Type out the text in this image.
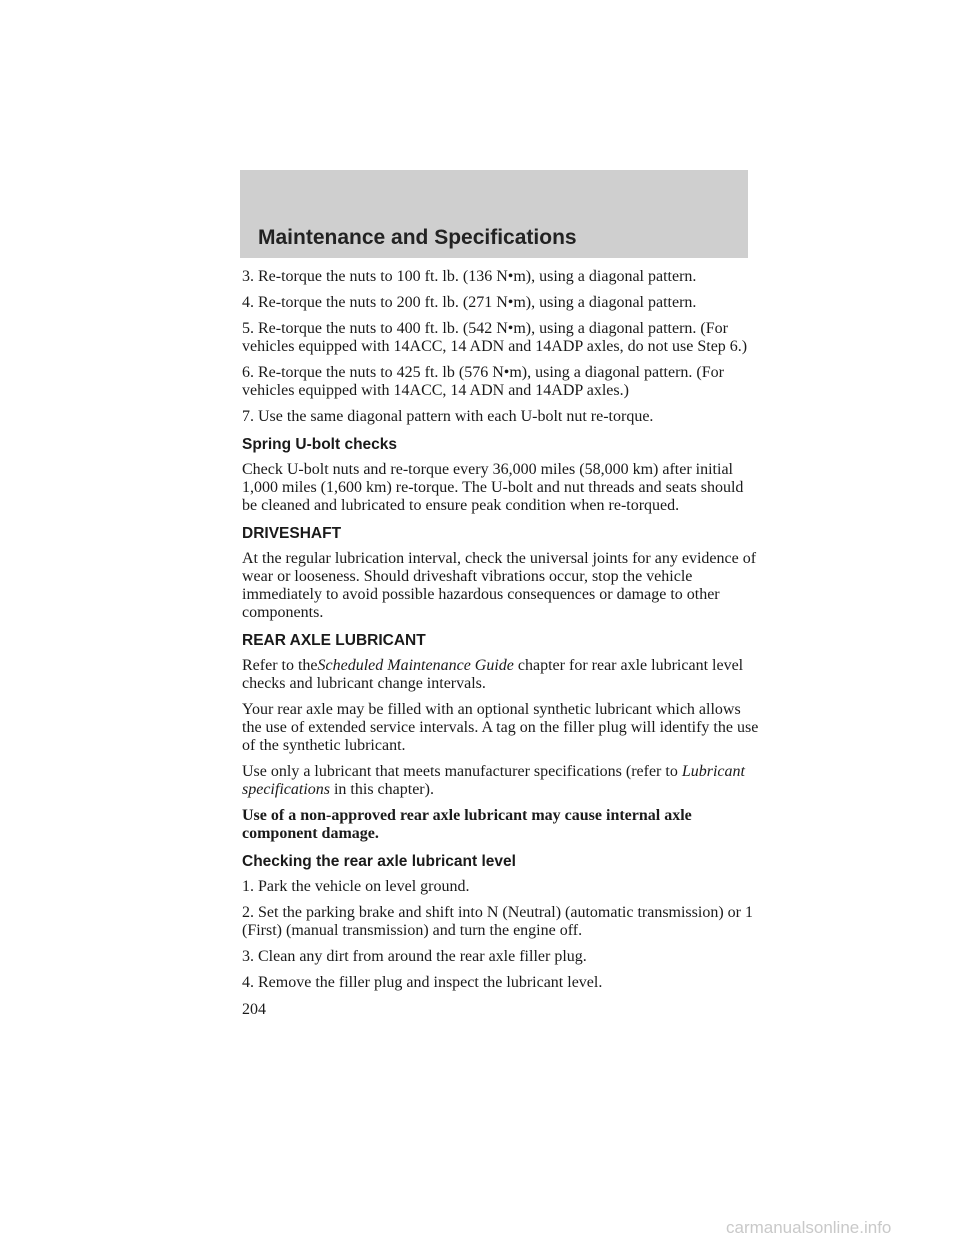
Maintenance and Specifications

3. Re-torque the nuts to 100 ft. lb. (136 N•m), using a diagonal pattern.

4. Re-torque the nuts to 200 ft. lb. (271 N•m), using a diagonal pattern.

5. Re-torque the nuts to 400 ft. lb. (542 N•m), using a diagonal pattern. (For vehicles equipped with 14ACC, 14 ADN and 14ADP axles, do not use Step 6.)

6. Re-torque the nuts to 425 ft. lb (576 N•m), using a diagonal pattern. (For vehicles equipped with 14ACC, 14 ADN and 14ADP axles.)

7. Use the same diagonal pattern with each U-bolt nut re-torque.

Spring U-bolt checks

Check U-bolt nuts and re-torque every 36,000 miles (58,000 km) after initial 1,000 miles (1,600 km) re-torque. The U-bolt and nut threads and seats should be cleaned and lubricated to ensure peak condition when re-torqued.

DRIVESHAFT

At the regular lubrication interval, check the universal joints for any evidence of wear or looseness. Should driveshaft vibrations occur, stop the vehicle immediately to avoid possible hazardous consequences or damage to other components.

REAR AXLE LUBRICANT

Refer to theScheduled Maintenance Guide chapter for rear axle lubricant level checks and lubricant change intervals.

Your rear axle may be filled with an optional synthetic lubricant which allows the use of extended service intervals. A tag on the filler plug will identify the use of the synthetic lubricant.

Use only a lubricant that meets manufacturer specifications (refer to Lubricant specifications in this chapter).

Use of a non-approved rear axle lubricant may cause internal axle component damage.

Checking the rear axle lubricant level

1. Park the vehicle on level ground.

2. Set the parking brake and shift into N (Neutral) (automatic transmission) or 1 (First) (manual transmission) and turn the engine off.

3. Clean any dirt from around the rear axle filler plug.

4. Remove the filler plug and inspect the lubricant level.

204
carmanualsonline.info
